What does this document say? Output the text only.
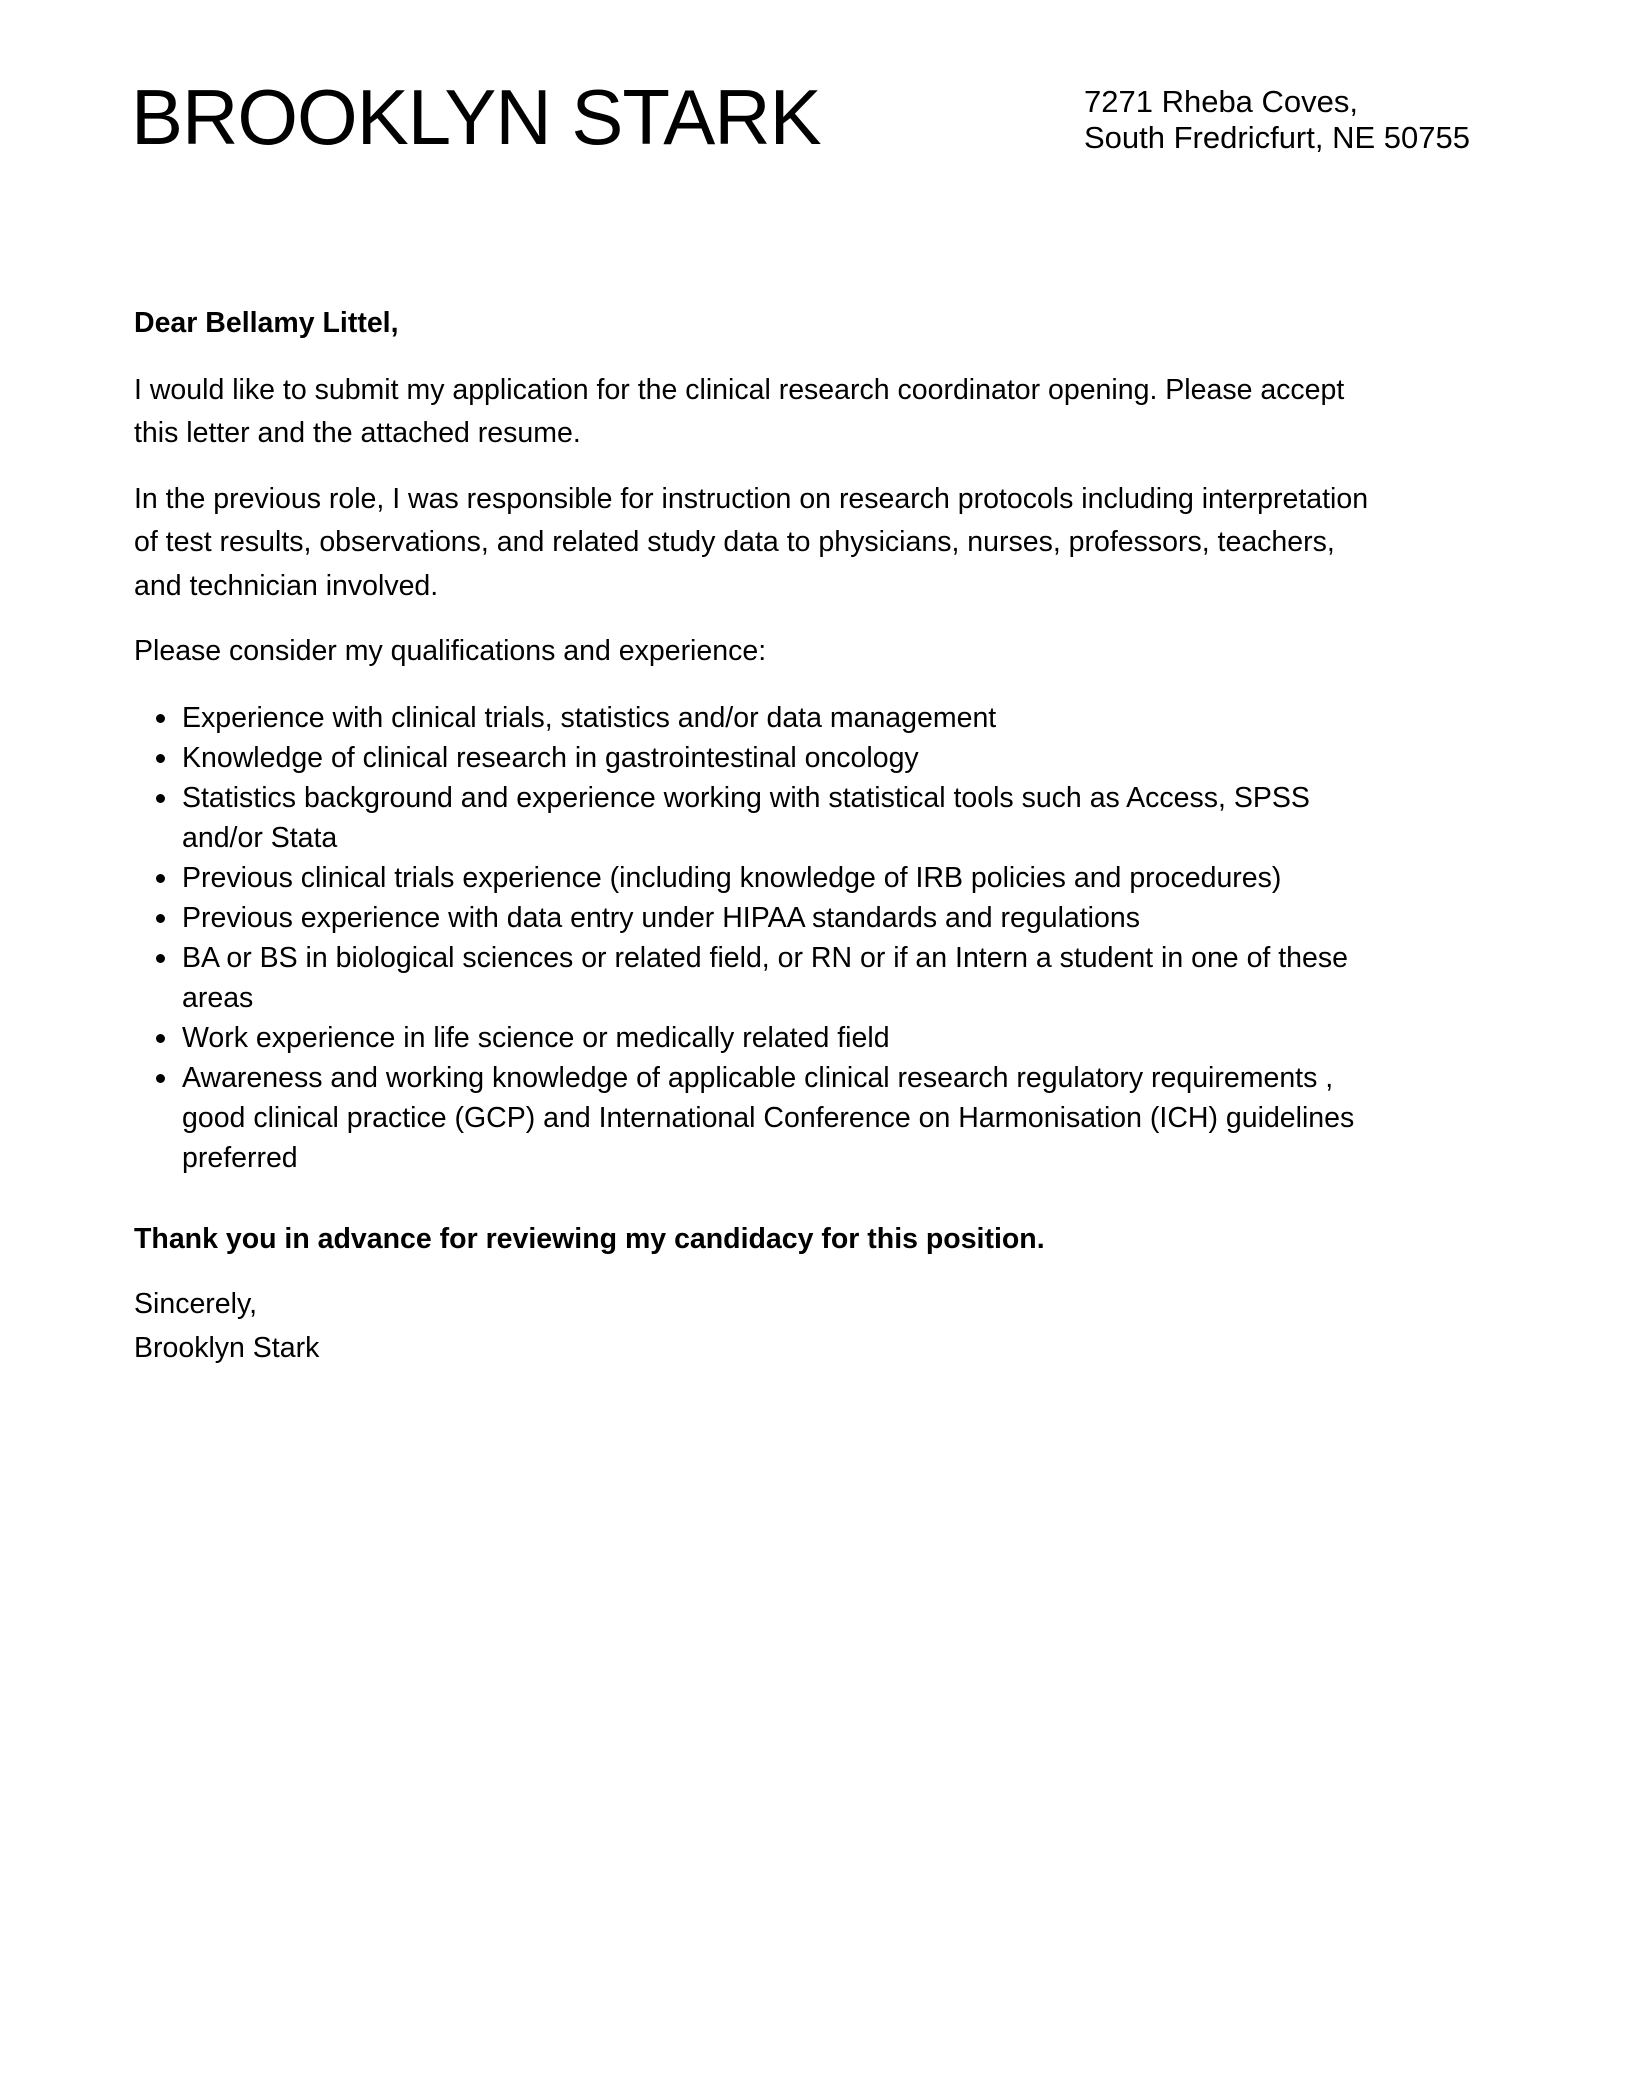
BROOKLYN STARK	7271 Rheba Coves,
South Fredricfurt, NE 50755

Dear Bellamy Littel,

I would like to submit my application for the clinical research coordinator opening. Please accept
this letter and the attached resume.

In the previous role, I was responsible for instruction on research protocols including interpretation
of test results, observations, and related study data to physicians, nurses, professors, teachers,
and technician involved.

Please consider my qualifications and experience:

Experience with clinical trials, statistics and/or data management
Knowledge of clinical research in gastrointestinal oncology
Statistics background and experience working with statistical tools such as Access, SPSS
and/or Stata
Previous clinical trials experience (including knowledge of IRB policies and procedures)
Previous experience with data entry under HIPAA standards and regulations
BA or BS in biological sciences or related field, or RN or if an Intern a student in one of these
areas
Work experience in life science or medically related field
Awareness and working knowledge of applicable clinical research regulatory requirements ,
good clinical practice (GCP) and International Conference on Harmonisation (ICH) guidelines
preferred

Thank you in advance for reviewing my candidacy for this position.

Sincerely,
Brooklyn Stark
